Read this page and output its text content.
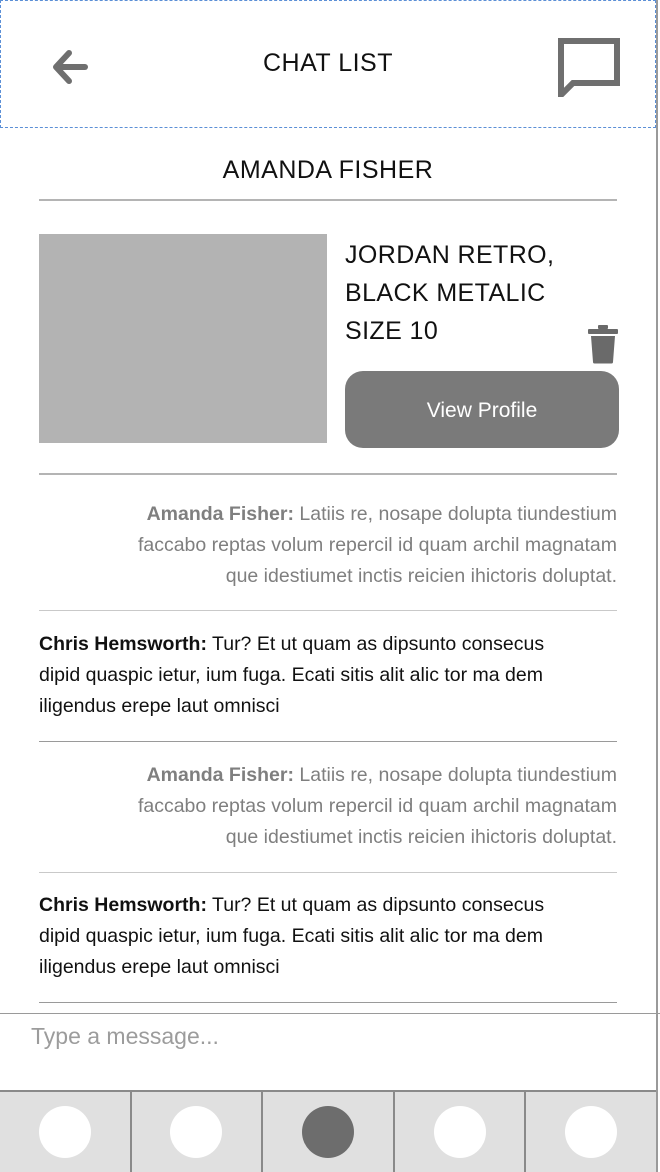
CHAT LIST
AMANDA FISHER
JORDAN RETRO,
BLACK METALIC
SIZE 10
View Profile
Amanda Fisher: Latiis re, nosape dolupta tiundestium
faccabo reptas volum repercil id quam archil magnatam
que idestiumet inctis reicien ihictoris doluptat.
Chris Hemsworth: Tur? Et ut quam as dipsunto consecus
dipid quaspic ietur, ium fuga. Ecati sitis alit alic tor ma dem
iligendus erepe laut omnisci
Amanda Fisher: Latiis re, nosape dolupta tiundestium
faccabo reptas volum repercil id quam archil magnatam
que idestiumet inctis reicien ihictoris doluptat.
Chris Hemsworth: Tur? Et ut quam as dipsunto consecus
dipid quaspic ietur, ium fuga. Ecati sitis alit alic tor ma dem
iligendus erepe laut omnisci
Type a message...
